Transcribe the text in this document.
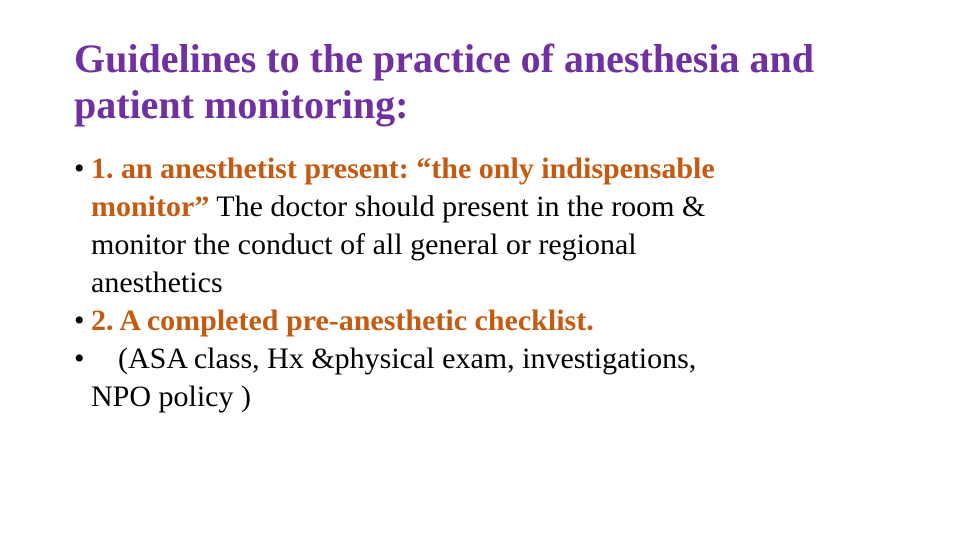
Guidelines to the practice of anesthesia and
patient monitoring:
• 1. an anesthetist present: “the only indispensable
monitor” The doctor should present in the room &
monitor the conduct of all general or regional
anesthetics
• 2. A completed pre-anesthetic checklist.
•	(ASA class, Hx &physical exam, investigations,
NPO policy )
